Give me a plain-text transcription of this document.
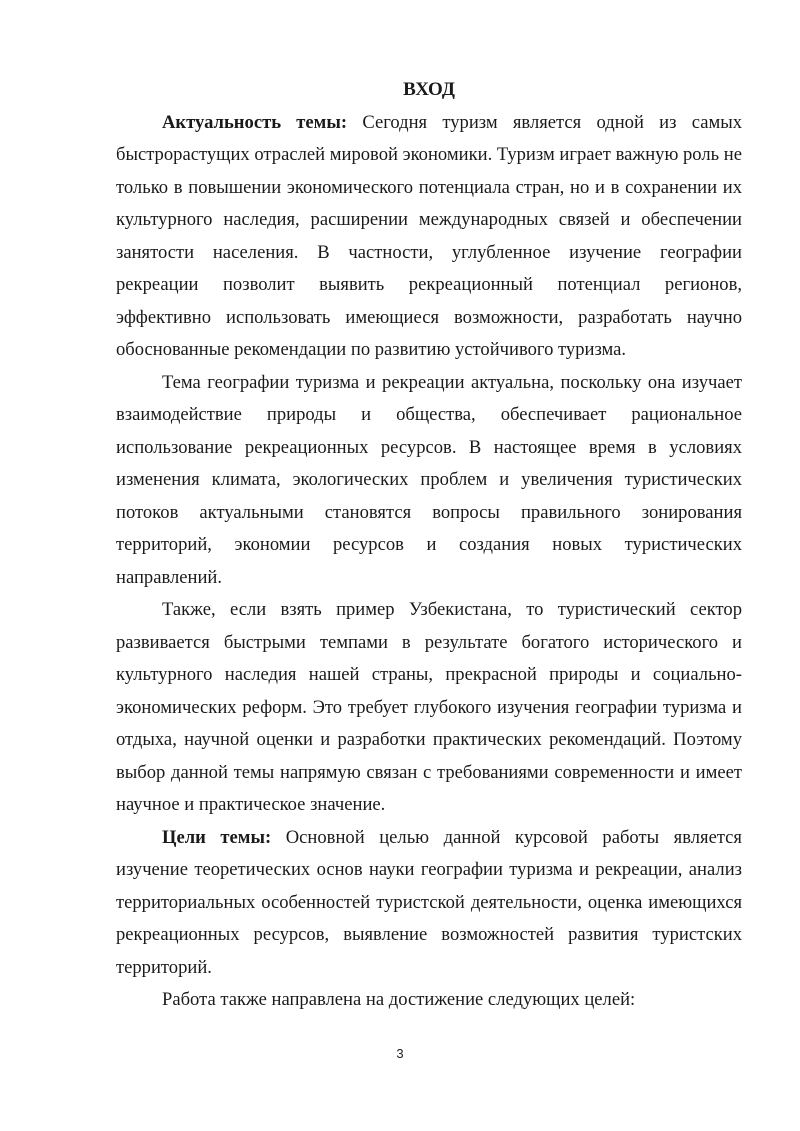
ВХОД

Актуальность темы: Сегодня туризм является одной из самых быстрорастущих отраслей мировой экономики. Туризм играет важную роль не только в повышении экономического потенциала стран, но и в сохранении их культурного наследия, расширении международных связей и обеспечении занятости населения. В частности, углубленное изучение географии рекреации позволит выявить рекреационный потенциал регионов, эффективно использовать имеющиеся возможности, разработать научно обоснованные рекомендации по развитию устойчивого туризма.

Тема географии туризма и рекреации актуальна, поскольку она изучает взаимодействие природы и общества, обеспечивает рациональное использование рекреационных ресурсов. В настоящее время в условиях изменения климата, экологических проблем и увеличения туристических потоков актуальными становятся вопросы правильного зонирования территорий, экономии ресурсов и создания новых туристических направлений.

Также, если взять пример Узбекистана, то туристический сектор развивается быстрыми темпами в результате богатого исторического и культурного наследия нашей страны, прекрасной природы и социально-экономических реформ. Это требует глубокого изучения географии туризма и отдыха, научной оценки и разработки практических рекомендаций. Поэтому выбор данной темы напрямую связан с требованиями современности и имеет научное и практическое значение.

Цели темы: Основной целью данной курсовой работы является изучение теоретических основ науки географии туризма и рекреации, анализ территориальных особенностей туристской деятельности, оценка имеющихся рекреационных ресурсов, выявление возможностей развития туристских территорий.

Работа также направлена на достижение следующих целей:

3
